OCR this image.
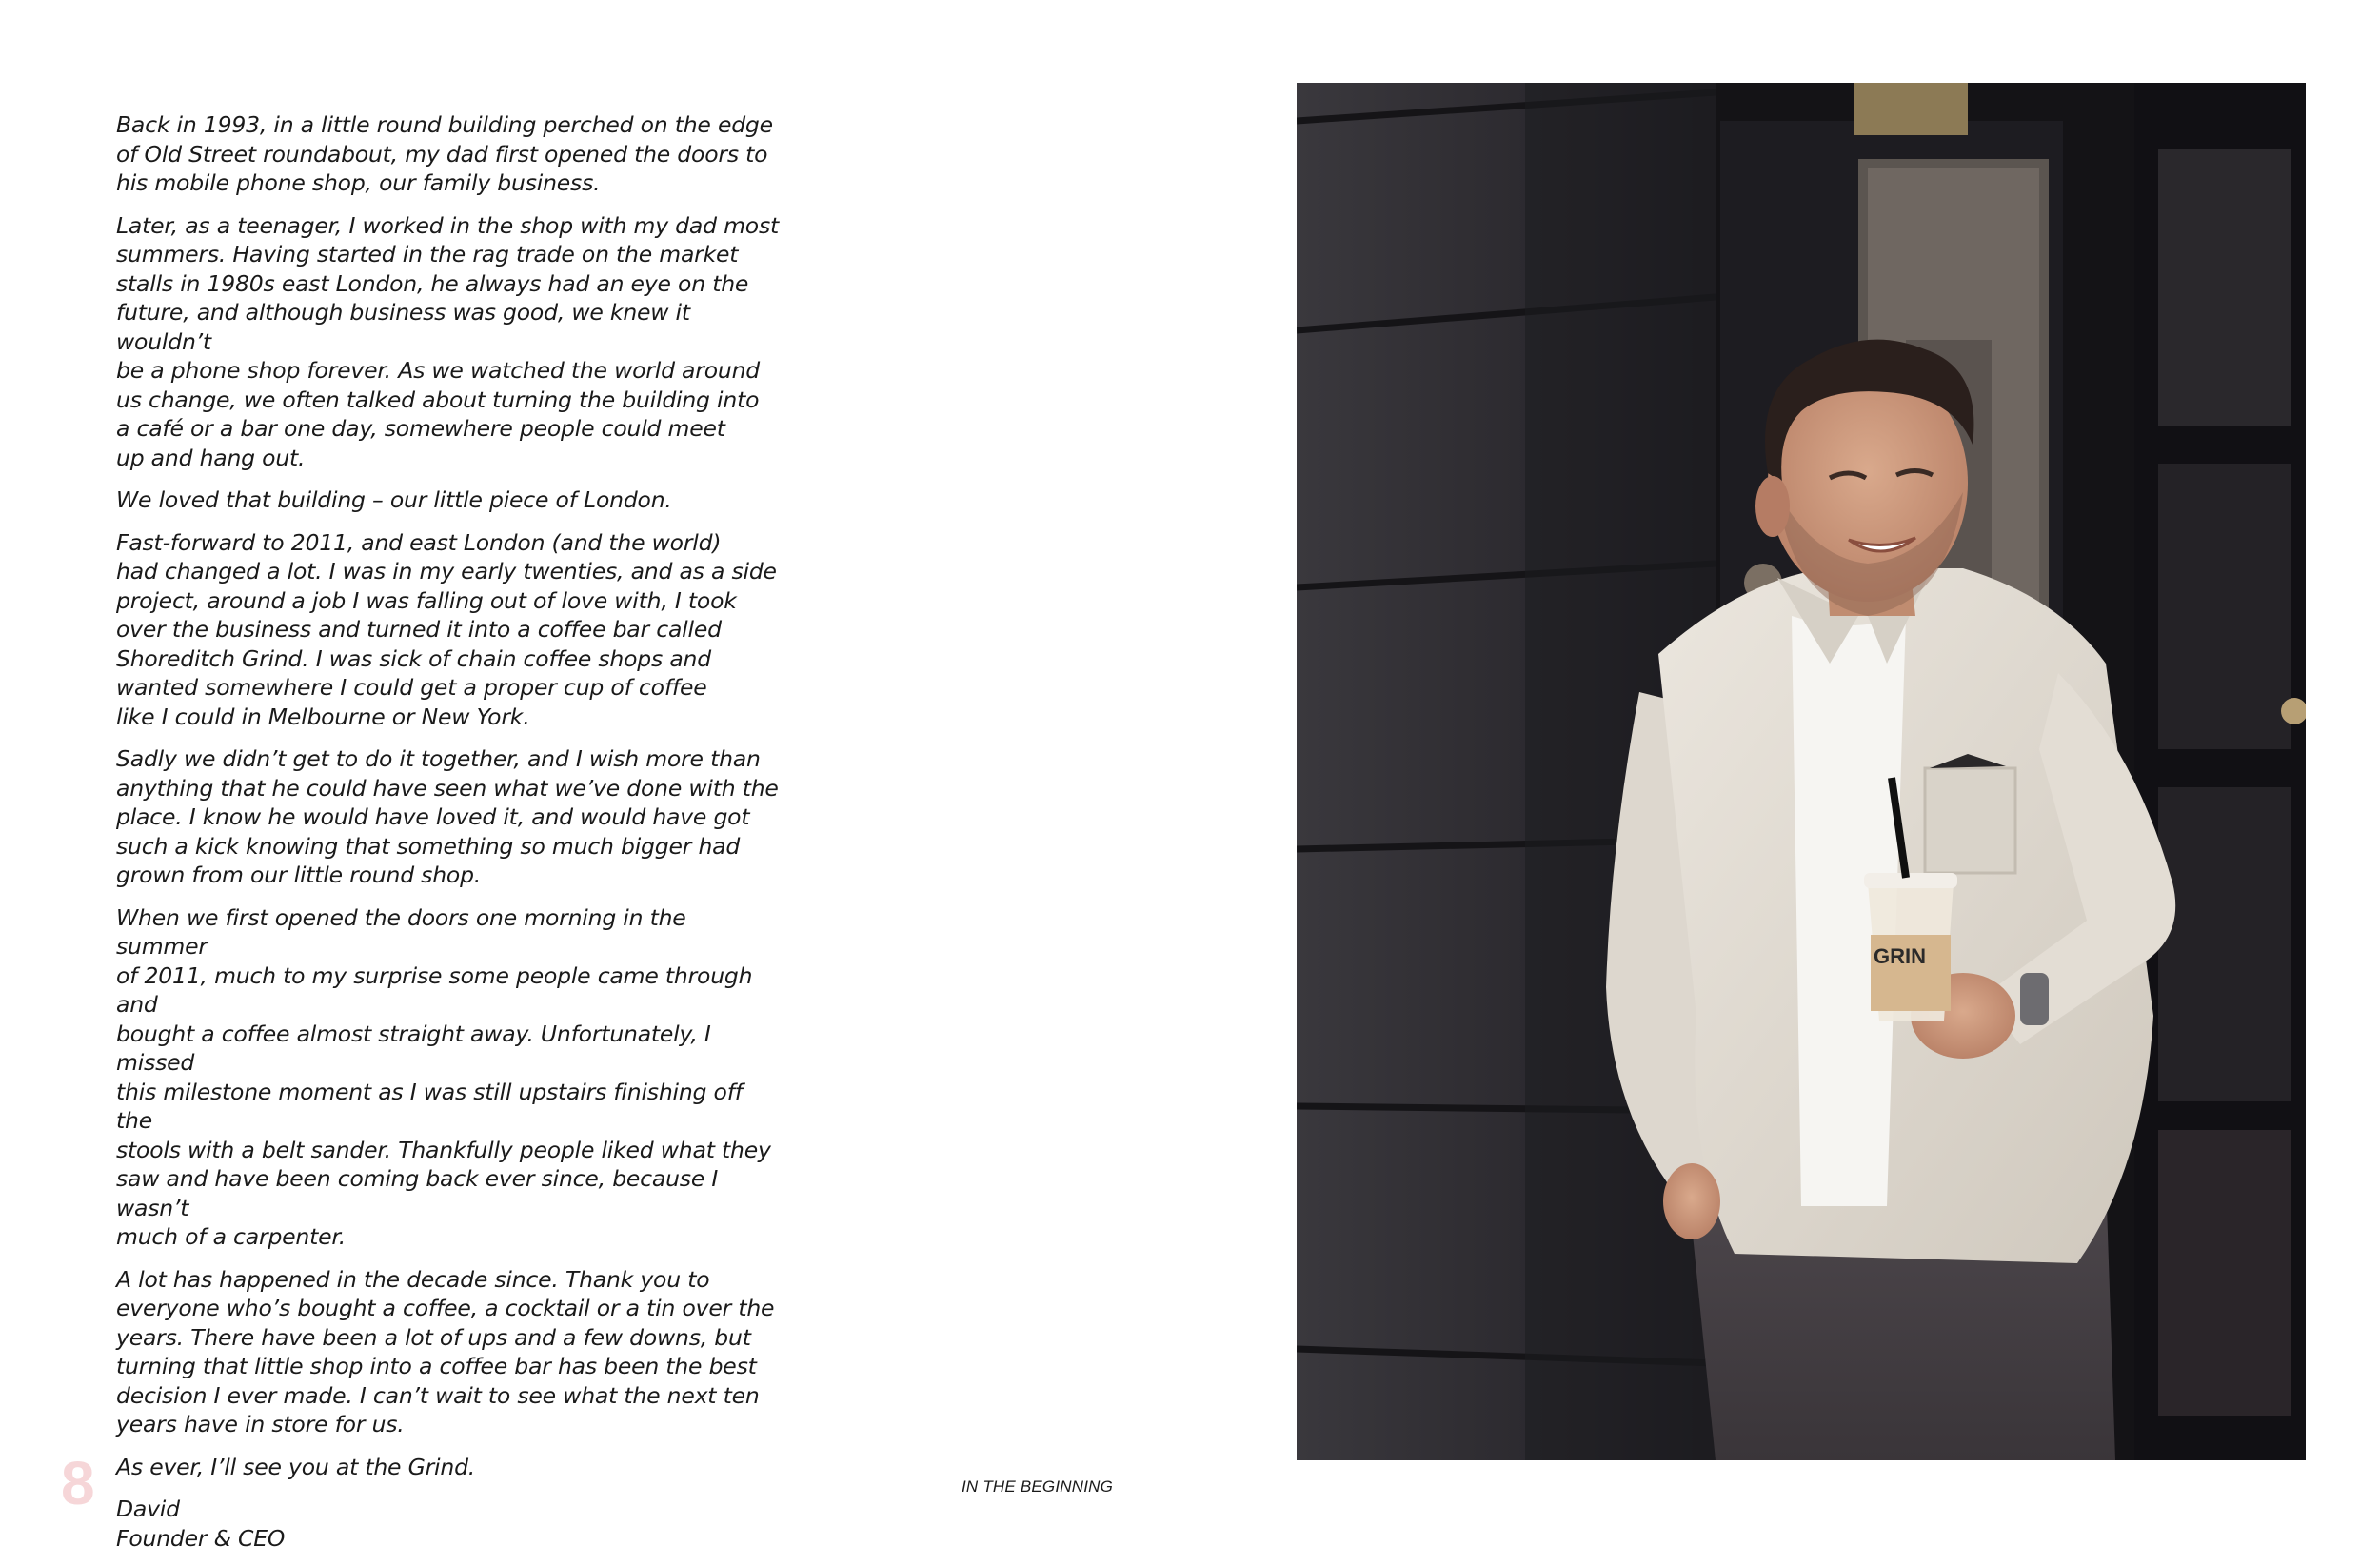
Back in 1993, in a little round building perched on the edge
of Old Street roundabout, my dad first opened the doors to
his mobile phone shop, our family business.

Later, as a teenager, I worked in the shop with my dad most
summers. Having started in the rag trade on the market
stalls in 1980s east London, he always had an eye on the
future, and although business was good, we knew it wouldn’t
be a phone shop forever. As we watched the world around
us change, we often talked about turning the building into
a café or a bar one day, somewhere people could meet
up and hang out.

We loved that building – our little piece of London.

Fast-forward to 2011, and east London (and the world)
had changed a lot. I was in my early twenties, and as a side
project, around a job I was falling out of love with, I took
over the business and turned it into a coffee bar called
Shoreditch Grind. I was sick of chain coffee shops and
wanted somewhere I could get a proper cup of coffee
like I could in Melbourne or New York.

Sadly we didn’t get to do it together, and I wish more than
anything that he could have seen what we’ve done with the
place. I know he would have loved it, and would have got
such a kick knowing that something so much bigger had
grown from our little round shop.

When we first opened the doors one morning in the summer
of 2011, much to my surprise some people came through and
bought a coffee almost straight away. Unfortunately, I missed
this milestone moment as I was still upstairs finishing off the
stools with a belt sander. Thankfully people liked what they
saw and have been coming back ever since, because I wasn’t
much of a carpenter.

A lot has happened in the decade since. Thank you to
everyone who’s bought a coffee, a cocktail or a tin over the
years. There have been a lot of ups and a few downs, but
turning that little shop into a coffee bar has been the best
decision I ever made. I can’t wait to see what the next ten
years have in store for us.

As ever, I’ll see you at the Grind.

David
Founder & CEO

8	IN THE BEGINNING
GRIN
